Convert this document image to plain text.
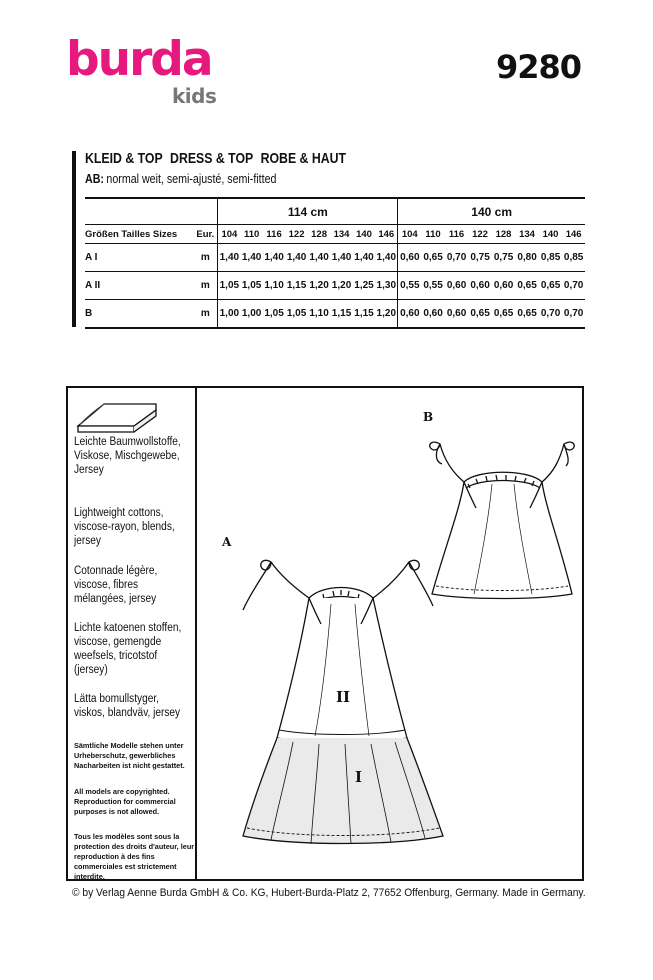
burda
kids
9280
KLEID & TOP DRESS & TOP ROBE & HAUT
AB: normal weit, semi-ajusté, semi-fitted
		114 cm								140 cm							
Größen Tailles Sizes	Eur.	104	110	116	122	128	134	140	146	104	110	116	122	128	134	140	146
A I	m	1,40	1,40	1,40	1,40	1,40	1,40	1,40	1,40	0,60	0,65	0,70	0,75	0,75	0,80	0,85	0,85
A II	m	1,05	1,05	1,10	1,15	1,20	1,20	1,25	1,30	0,55	0,55	0,60	0,60	0,60	0,65	0,65	0,70
B	m	1,00	1,00	1,05	1,05	1,10	1,15	1,15	1,20	0,60	0,60	0,60	0,65	0,65	0,65	0,70	0,70
Leichte Baumwollstoffe, Viskose, Mischgewebe, Jersey
Lightweight cottons, viscose-rayon, blends, jersey
Cotonnade légère, viscose, fibres mélangées, jersey
Lichte katoenen stoffen, viscose, gemengde weefsels, tricotstof (jersey)
Lätta bomullstyger, viskos, blandväv, jersey
Sämtliche Modelle stehen unter Urheberschutz, gewerbliches Nacharbeiten ist nicht gestattet.
All models are copyrighted. Reproduction for commercial purposes is not allowed.
Tous les modèles sont sous la protection des droits d'auteur, leur reproduction à des fins commerciales est strictement interdite.
B
A
II
I
© by Verlag Aenne Burda GmbH & Co. KG, Hubert-Burda-Platz 2, 77652 Offenburg, Germany. Made in Germany.
